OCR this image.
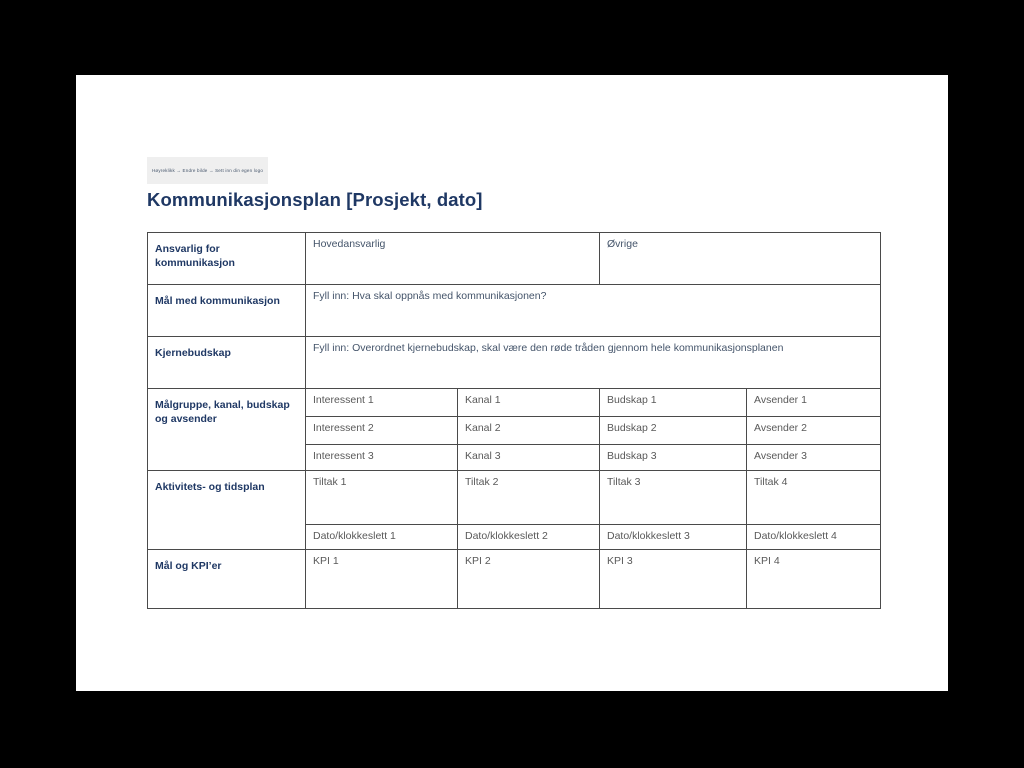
Høyreklikk → Endre bilde → Sett inn din egen logo
Kommunikasjonsplan [Prosjekt, dato]
Ansvarlig for kommunikasjon	Hovedansvarlig		Øvrige	
Mål med kommunikasjon	Fyll inn: Hva skal oppnås med kommunikasjonen?			
Kjernebudskap	Fyll inn: Overordnet kjernebudskap, skal være den røde tråden gjennom hele kommunikasjonsplanen			
Målgruppe, kanal, budskap og avsender	Interessent 1	Kanal 1	Budskap 1	Avsender 1
	Interessent 2	Kanal 2	Budskap 2	Avsender 2
	Interessent 3	Kanal 3	Budskap 3	Avsender 3
Aktivitets- og tidsplan	Tiltak 1	Tiltak 2	Tiltak 3	Tiltak 4
	Dato/klokkeslett 1	Dato/klokkeslett 2	Dato/klokkeslett 3	Dato/klokkeslett 4
Mål og KPI’er	KPI 1	KPI 2	KPI 3	KPI 4
